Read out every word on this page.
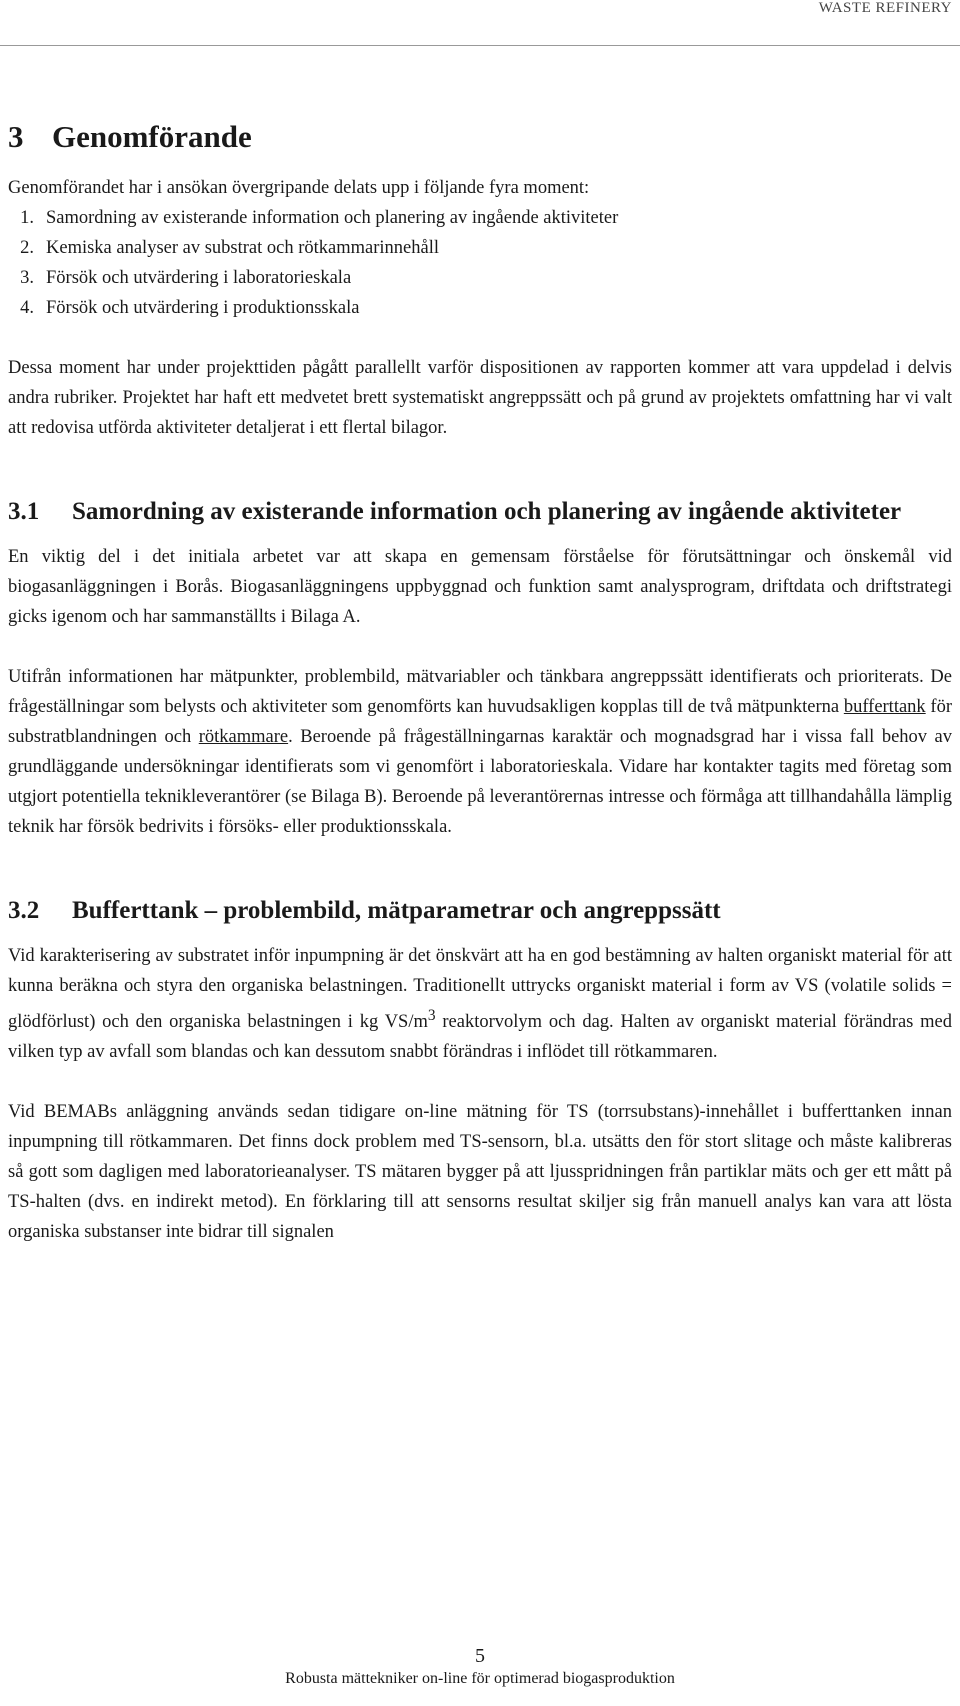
WASTE REFINERY
3 Genomförande

Genomförandet har i ansökan övergripande delats upp i följande fyra moment:

1. Samordning av existerande information och planering av ingående aktiviteter
2. Kemiska analyser av substrat och rötkammarinnehåll
3. Försök och utvärdering i laboratorieskala
4. Försök och utvärdering i produktionsskala

Dessa moment har under projekttiden pågått parallellt varför dispositionen av rapporten kommer att vara uppdelad i delvis andra rubriker. Projektet har haft ett medvetet brett systematiskt angreppssätt och på grund av projektets omfattning har vi valt att redovisa utförda aktiviteter detaljerat i ett flertal bilagor.

3.1	Samordning av existerande information och planering av ingående aktiviteter

En viktig del i det initiala arbetet var att skapa en gemensam förståelse för förutsättningar och önskemål vid biogasanläggningen i Borås. Biogasanläggningens uppbyggnad och funktion samt analysprogram, driftdata och driftstrategi gicks igenom och har sammanställts i Bilaga A.

Utifrån informationen har mätpunkter, problembild, mätvariabler och tänkbara angreppssätt identifierats och prioriterats. De frågeställningar som belysts och aktiviteter som genomförts kan huvudsakligen kopplas till de två mätpunkterna bufferttank för substratblandningen och rötkammare. Beroende på frågeställningarnas karaktär och mognadsgrad har i vissa fall behov av grundläggande undersökningar identifierats som vi genomfört i laboratorieskala. Vidare har kontakter tagits med företag som utgjort potentiella teknikleverantörer (se Bilaga B). Beroende på leverantörernas intresse och förmåga att tillhandahålla lämplig teknik har försök bedrivits i försöks- eller produktionsskala.

3.2	Bufferttank – problembild, mätparametrar och angreppssätt

Vid karakterisering av substratet inför inpumpning är det önskvärt att ha en god bestämning av halten organiskt material för att kunna beräkna och styra den organiska belastningen. Traditionellt uttrycks organiskt material i form av VS (volatile solids = glödförlust) och den organiska belastningen i kg $VS/m^3$ reaktorvolym och dag. Halten av organiskt material förändras med vilken typ av avfall som blandas och kan dessutom snabbt förändras i inflödet till rötkammaren.

Vid BEMABs anläggning används sedan tidigare on-line mätning för TS (torrsubstans)-innehållet i bufferttanken innan inpumpning till rötkammaren. Det finns dock problem med TS-sensorn, bl.a. utsätts den för stort slitage och måste kalibreras så gott som dagligen med laboratorieanalyser. TS mätaren bygger på att ljusspridningen från partiklar mäts och ger ett mått på TS-halten (dvs. en indirekt metod). En förklaring till att sensorns resultat skiljer sig från manuell analys kan vara att lösta organiska substanser inte bidrar till signalen

5
Robusta mättekniker on-line för optimerad biogasproduktion
